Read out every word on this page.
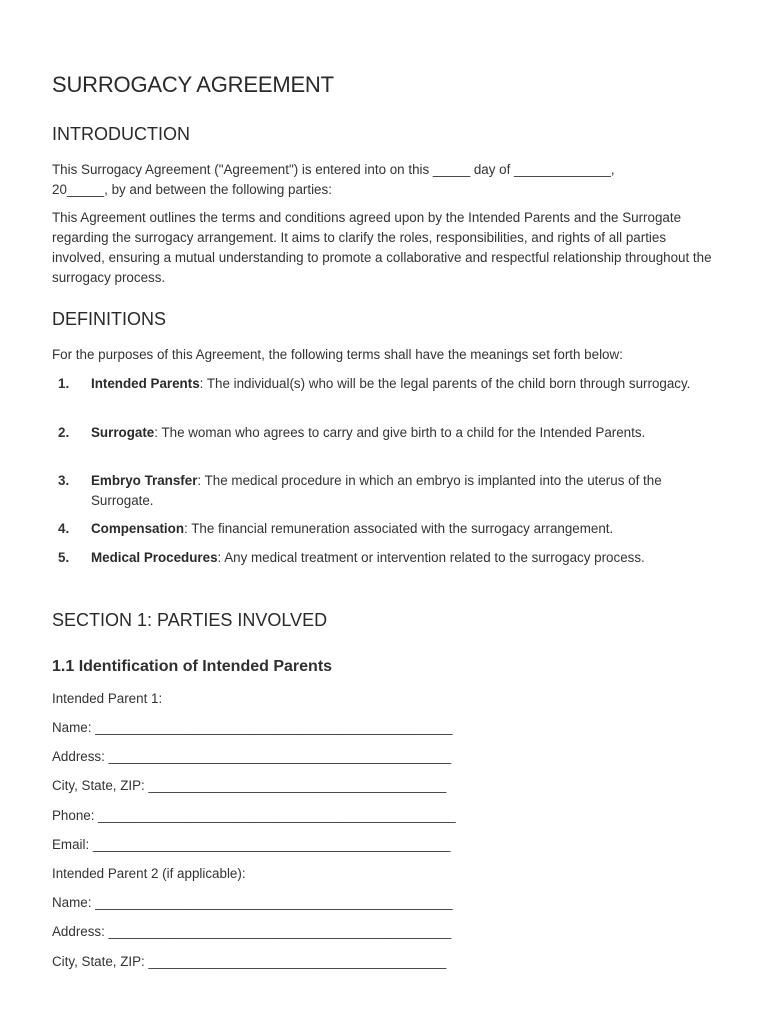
SURROGACY AGREEMENT
INTRODUCTION

This Surrogacy Agreement ("Agreement") is entered into on this _____ day of _____________,

20_____, by and between the following parties:

This Agreement outlines the terms and conditions agreed upon by the Intended Parents and the Surrogate regarding the surrogacy arrangement. It aims to clarify the roles, responsibilities, and rights of all parties involved, ensuring a mutual understanding to promote a collaborative and respectful relationship throughout the surrogacy process.

DEFINITIONS

For the purposes of this Agreement, the following terms shall have the meanings set forth below:

1. Intended Parents: The individual(s) who will be the legal parents of the child born through surrogacy.
2. Surrogate: The woman who agrees to carry and give birth to a child for the Intended Parents.
3. Embryo Transfer: The medical procedure in which an embryo is implanted into the uterus of the Surrogate.
4. Compensation: The financial remuneration associated with the surrogacy arrangement.
5. Medical Procedures: Any medical treatment or intervention related to the surrogacy process.
SECTION 1: PARTIES INVOLVED
1.1 Identification of Intended Parents

Intended Parent 1:

Name: ________________________________________________

Address: ______________________________________________

City, State, ZIP: ________________________________________

Phone: ________________________________________________

Email: ________________________________________________

Intended Parent 2 (if applicable):

Name: ________________________________________________

Address: ______________________________________________

City, State, ZIP: ________________________________________
